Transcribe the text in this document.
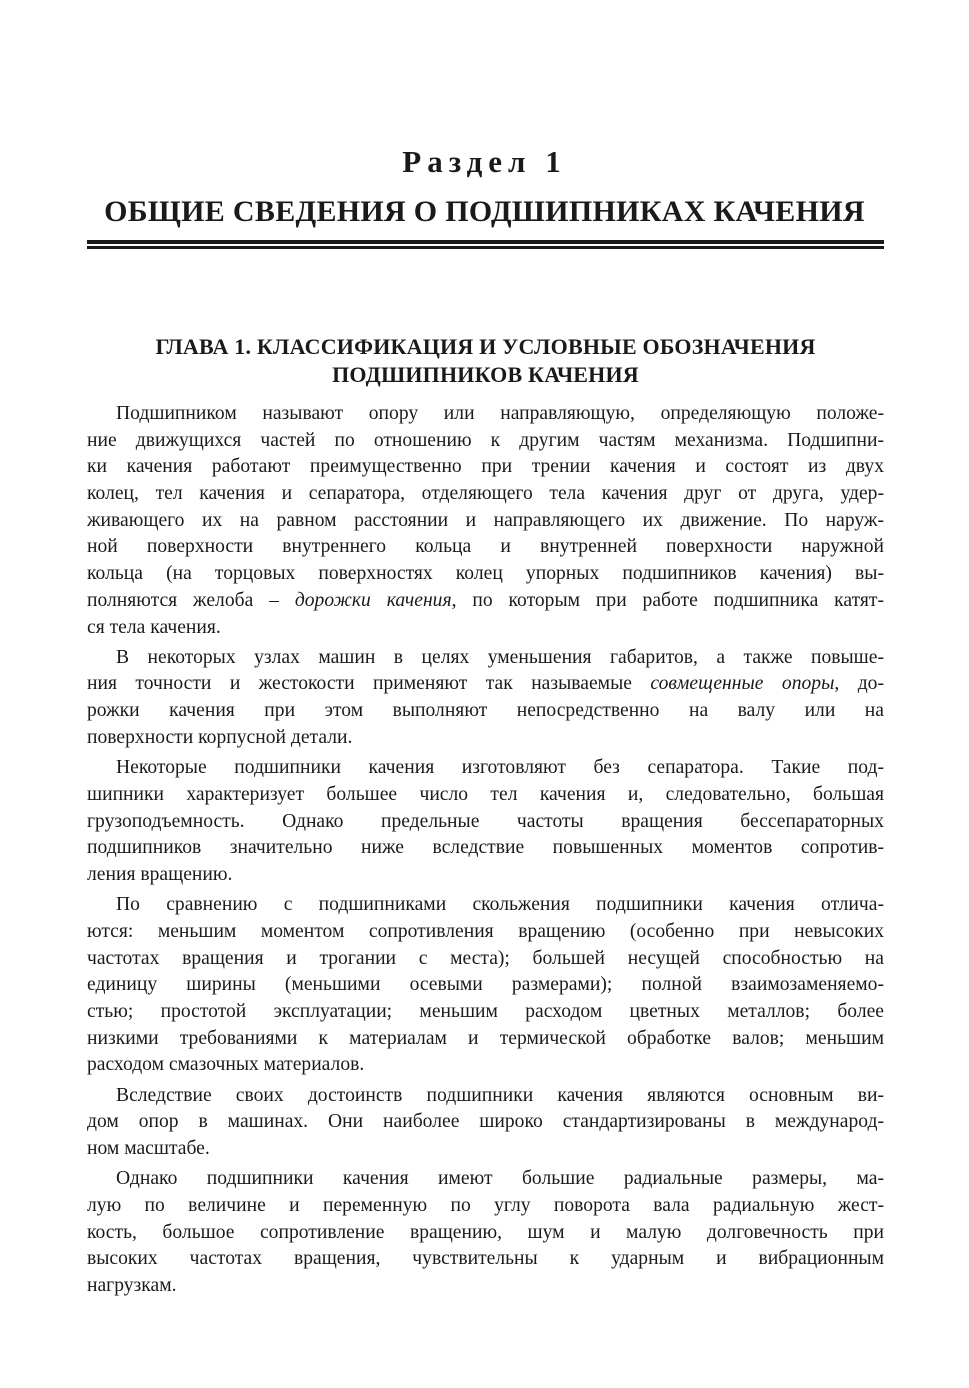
Раздел 1
ОБЩИЕ СВЕДЕНИЯ О ПОДШИПНИКАХ КАЧЕНИЯ
ГЛАВА 1. КЛАССИФИКАЦИЯ И УСЛОВНЫЕ ОБОЗНАЧЕНИЯ
ПОДШИПНИКОВ КАЧЕНИЯ
Подшипником называют опору или направляющую, определяющую положе-
ние движущихся частей по отношению к другим частям механизма. Подшипни-
ки качения работают преимущественно при трении качения и состоят из двух
колец, тел качения и сепаратора, отделяющего тела качения друг от друга, удер-
живающего их на равном расстоянии и направляющего их движение. По наруж-
ной поверхности внутреннего кольца и внутренней поверхности наружной
кольца (на торцовых поверхностях колец упорных подшипников качения) вы-
полняются желоба – дорожки качения, по которым при работе подшипника катят-
ся тела качения.
В некоторых узлах машин в целях уменьшения габаритов, а также повыше-
ния точности и жестокости применяют так называемые совмещенные опоры, до-
рожки качения при этом выполняют непосредственно на валу или на
поверхности корпусной детали.
Некоторые подшипники качения изготовляют без сепаратора. Такие под-
шипники характеризует большее число тел качения и, следовательно, большая
грузоподъемность. Однако предельные частоты вращения бессепараторных
подшипников значительно ниже вследствие повышенных моментов сопротив-
ления вращению.
По сравнению с подшипниками скольжения подшипники качения отлича-
ются: меньшим моментом сопротивления вращению (особенно при невысоких
частотах вращения и трогании с места); большей несущей способностью на
единицу ширины (меньшими осевыми размерами); полной взаимозаменяемо-
стью; простотой эксплуатации; меньшим расходом цветных металлов; более
низкими требованиями к материалам и термической обработке валов; меньшим
расходом смазочных материалов.
Вследствие своих достоинств подшипники качения являются основным ви-
дом опор в машинах. Они наиболее широко стандартизированы в международ-
ном масштабе.
Однако подшипники качения имеют большие радиальные размеры, ма-
лую по величине и переменную по углу поворота вала радиальную жест-
кость, большое сопротивление вращению, шум и малую долговечность при
высоких частотах вращения, чувствительны к ударным и вибрационным
нагрузкам.
